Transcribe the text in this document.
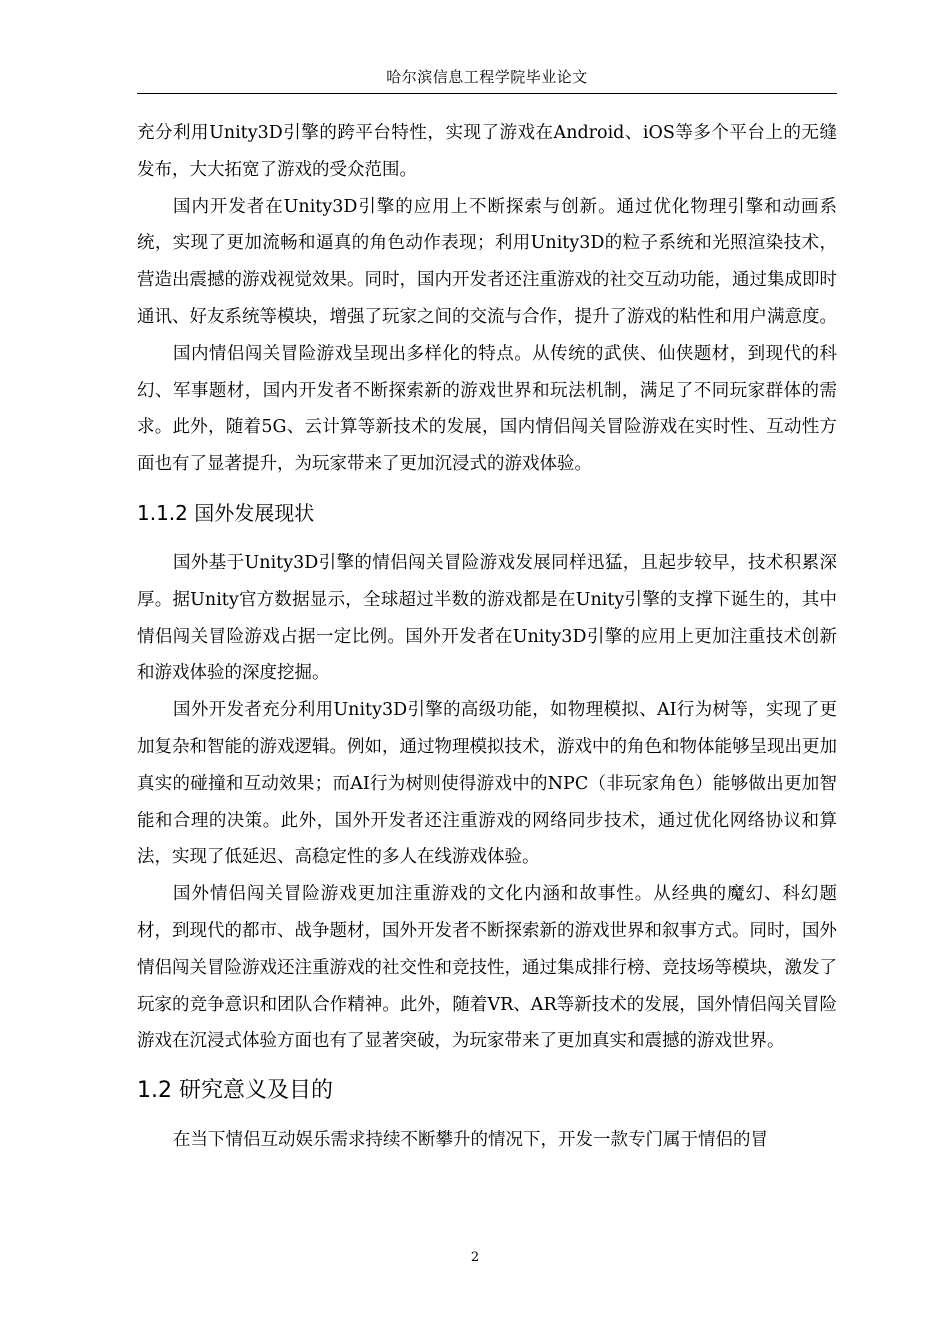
哈尔滨信息工程学院毕业论文

充分利用Unity3D引擎的跨平台特性，实现了游戏在Android、iOS等多个平台上的无缝发布，大大拓宽了游戏的受众范围。

国内开发者在Unity3D引擎的应用上不断探索与创新。通过优化物理引擎和动画系统，实现了更加流畅和逼真的角色动作表现；利用Unity3D的粒子系统和光照渲染技术，营造出震撼的游戏视觉效果。同时，国内开发者还注重游戏的社交互动功能，通过集成即时通讯、好友系统等模块，增强了玩家之间的交流与合作，提升了游戏的粘性和用户满意度。

国内情侣闯关冒险游戏呈现出多样化的特点。从传统的武侠、仙侠题材，到现代的科幻、军事题材，国内开发者不断探索新的游戏世界和玩法机制，满足了不同玩家群体的需求。此外，随着5G、云计算等新技术的发展，国内情侣闯关冒险游戏在实时性、互动性方面也有了显著提升，为玩家带来了更加沉浸式的游戏体验。

1.1.2 国外发展现状

国外基于Unity3D引擎的情侣闯关冒险游戏发展同样迅猛，且起步较早，技术积累深厚。据Unity官方数据显示，全球超过半数的游戏都是在Unity引擎的支撑下诞生的，其中情侣闯关冒险游戏占据一定比例。国外开发者在Unity3D引擎的应用上更加注重技术创新和游戏体验的深度挖掘。

国外开发者充分利用Unity3D引擎的高级功能，如物理模拟、AI行为树等，实现了更加复杂和智能的游戏逻辑。例如，通过物理模拟技术，游戏中的角色和物体能够呈现出更加真实的碰撞和互动效果；而AI行为树则使得游戏中的NPC（非玩家角色）能够做出更加智能和合理的决策。此外，国外开发者还注重游戏的网络同步技术，通过优化网络协议和算法，实现了低延迟、高稳定性的多人在线游戏体验。

国外情侣闯关冒险游戏更加注重游戏的文化内涵和故事性。从经典的魔幻、科幻题材，到现代的都市、战争题材，国外开发者不断探索新的游戏世界和叙事方式。同时，国外情侣闯关冒险游戏还注重游戏的社交性和竞技性，通过集成排行榜、竞技场等模块，激发了玩家的竞争意识和团队合作精神。此外，随着VR、AR等新技术的发展，国外情侣闯关冒险游戏在沉浸式体验方面也有了显著突破，为玩家带来了更加真实和震撼的游戏世界。

1.2 研究意义及目的

在当下情侣互动娱乐需求持续不断攀升的情况下，开发一款专门属于情侣的冒

2
